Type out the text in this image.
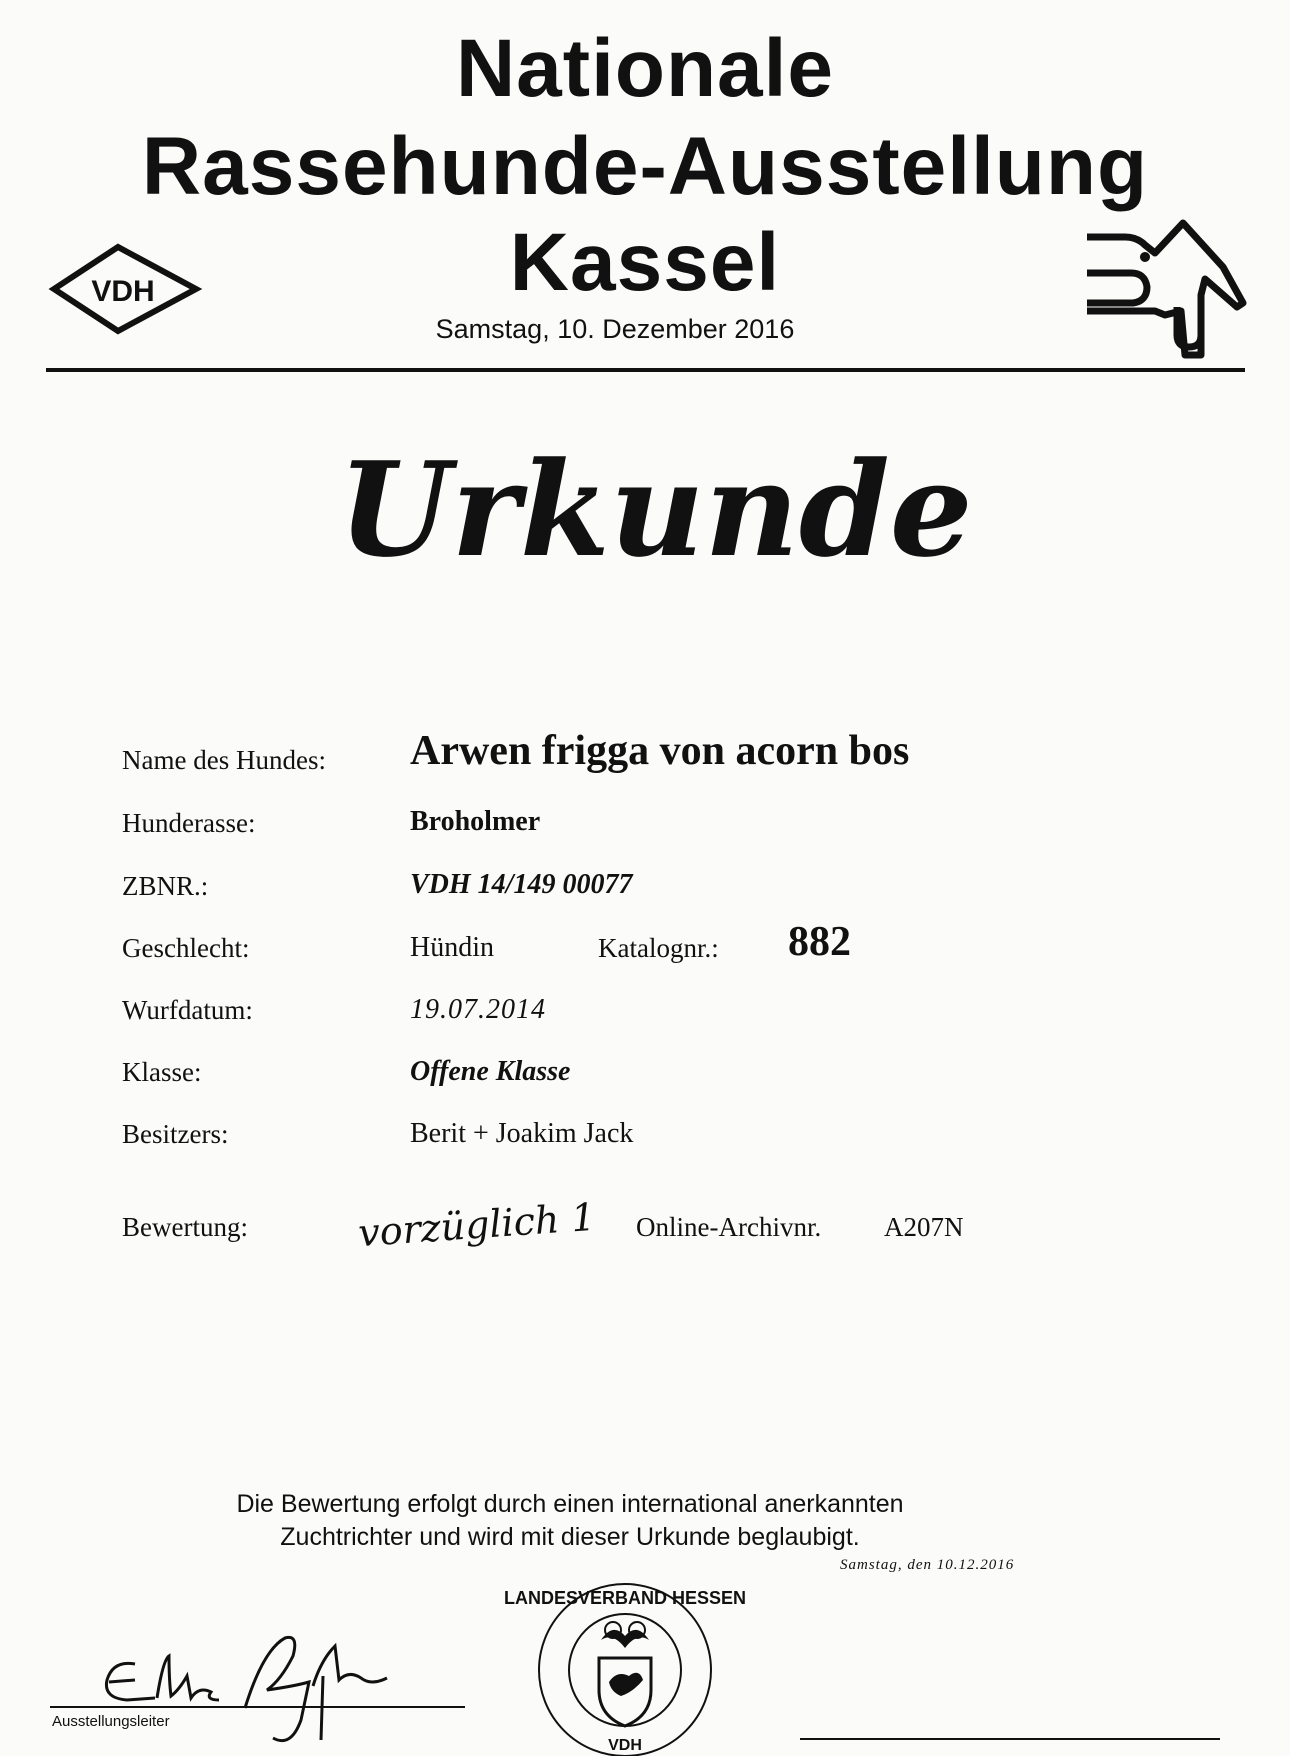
Nationale
Rassehunde-Ausstellung
Kassel
Samstag, 10. Dezember 2016
VDH
Urkunde
Name des Hundes: Arwen frigga von acorn bos
Hunderasse:	Broholmer
ZBNR.:	VDH 14/149 00077
Geschlecht:	Hündin	Katalognr.: 882
Wurfdatum:	19.07.2014
Klasse:	Offene Klasse
Besitzers:	Berit + Joakim Jack
Bewertung:	vorzüglich 1 Online-Archivnr. A207N
Die Bewertung erfolgt durch einen international anerkannten
Zuchtrichter und wird mit dieser Urkunde beglaubigt.
Samstag, den 10.12.2016
Ausstellungsleiter
LANDESVERBAND HESSEN
VDH
